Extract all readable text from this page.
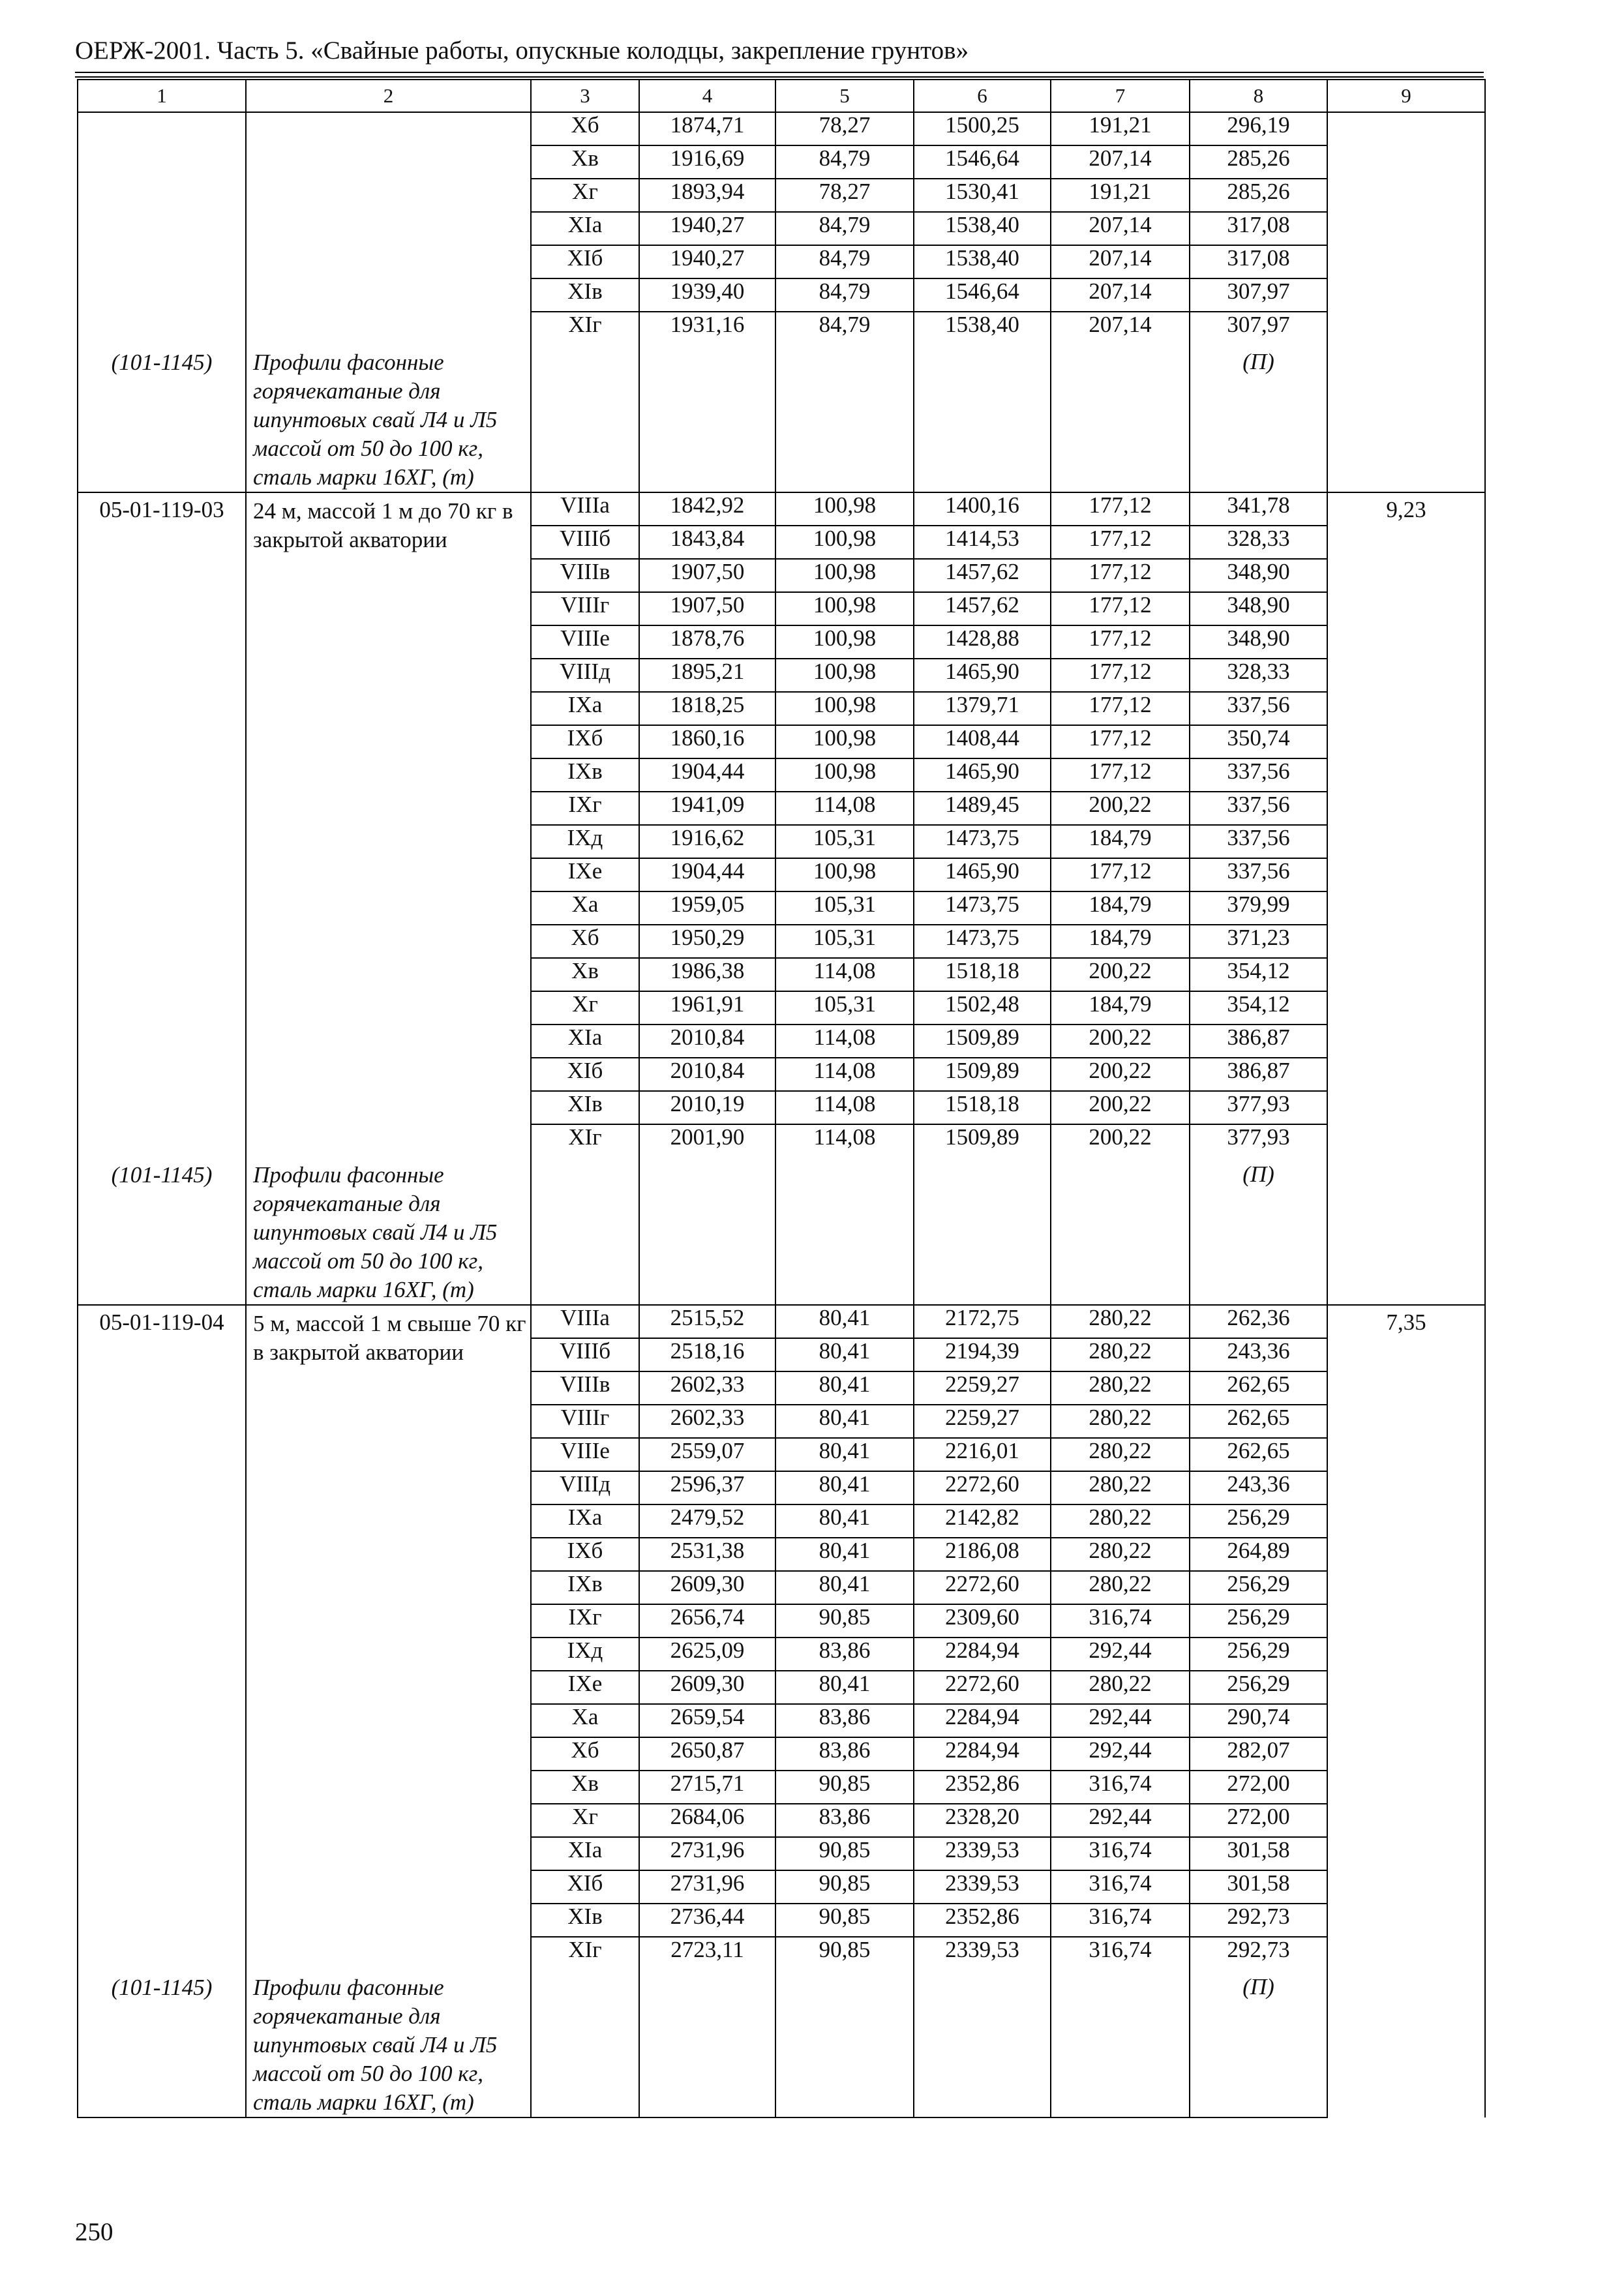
ОЕРЖ-2001. Часть 5. «Свайные работы, опускные колодцы, закрепление грунтов»
1	2	3	4	5	6	7	8	9
		Xб	1874,71	78,27	1500,25	191,21	296,19	
		Xв	1916,69	84,79	1546,64	207,14	285,26	
		Xг	1893,94	78,27	1530,41	191,21	285,26	
		XIа	1940,27	84,79	1538,40	207,14	317,08	
		XIб	1940,27	84,79	1538,40	207,14	317,08	
		XIв	1939,40	84,79	1546,64	207,14	307,97	
		XIг	1931,16	84,79	1538,40	207,14	307,97	
(101-1145)	Профили фасонные горячекатаные для шпунтовых свай Л4 и Л5 массой от 50 до 100 кг, сталь марки 16ХГ, (т)						(П)	
05-01-119-03	24 м, массой 1 м до 70 кг в закрытой акватории	VIIIа	1842,92	100,98	1400,16	177,12	341,78	9,23
		VIIIб	1843,84	100,98	1414,53	177,12	328,33	
		VIIIв	1907,50	100,98	1457,62	177,12	348,90	
		VIIIг	1907,50	100,98	1457,62	177,12	348,90	
		VIIIе	1878,76	100,98	1428,88	177,12	348,90	
		VIIIд	1895,21	100,98	1465,90	177,12	328,33	
		IXа	1818,25	100,98	1379,71	177,12	337,56	
		IXб	1860,16	100,98	1408,44	177,12	350,74	
		IXв	1904,44	100,98	1465,90	177,12	337,56	
		IXг	1941,09	114,08	1489,45	200,22	337,56	
		IXд	1916,62	105,31	1473,75	184,79	337,56	
		IXе	1904,44	100,98	1465,90	177,12	337,56	
		Xа	1959,05	105,31	1473,75	184,79	379,99	
		Xб	1950,29	105,31	1473,75	184,79	371,23	
		Xв	1986,38	114,08	1518,18	200,22	354,12	
		Xг	1961,91	105,31	1502,48	184,79	354,12	
		XIа	2010,84	114,08	1509,89	200,22	386,87	
		XIб	2010,84	114,08	1509,89	200,22	386,87	
		XIв	2010,19	114,08	1518,18	200,22	377,93	
		XIг	2001,90	114,08	1509,89	200,22	377,93	
(101-1145)	Профили фасонные горячекатаные для шпунтовых свай Л4 и Л5 массой от 50 до 100 кг, сталь марки 16ХГ, (т)						(П)	
05-01-119-04	5 м, массой 1 м свыше 70 кг в закрытой акватории	VIIIа	2515,52	80,41	2172,75	280,22	262,36	7,35
		VIIIб	2518,16	80,41	2194,39	280,22	243,36	
		VIIIв	2602,33	80,41	2259,27	280,22	262,65	
		VIIIг	2602,33	80,41	2259,27	280,22	262,65	
		VIIIе	2559,07	80,41	2216,01	280,22	262,65	
		VIIIд	2596,37	80,41	2272,60	280,22	243,36	
		IXа	2479,52	80,41	2142,82	280,22	256,29	
		IXб	2531,38	80,41	2186,08	280,22	264,89	
		IXв	2609,30	80,41	2272,60	280,22	256,29	
		IXг	2656,74	90,85	2309,60	316,74	256,29	
		IXд	2625,09	83,86	2284,94	292,44	256,29	
		IXе	2609,30	80,41	2272,60	280,22	256,29	
		Xа	2659,54	83,86	2284,94	292,44	290,74	
		Xб	2650,87	83,86	2284,94	292,44	282,07	
		Xв	2715,71	90,85	2352,86	316,74	272,00	
		Xг	2684,06	83,86	2328,20	292,44	272,00	
		XIа	2731,96	90,85	2339,53	316,74	301,58	
		XIб	2731,96	90,85	2339,53	316,74	301,58	
		XIв	2736,44	90,85	2352,86	316,74	292,73	
		XIг	2723,11	90,85	2339,53	316,74	292,73	
(101-1145)	Профили фасонные горячекатаные для шпунтовых свай Л4 и Л5 массой от 50 до 100 кг, сталь марки 16ХГ, (т)						(П)	
250
